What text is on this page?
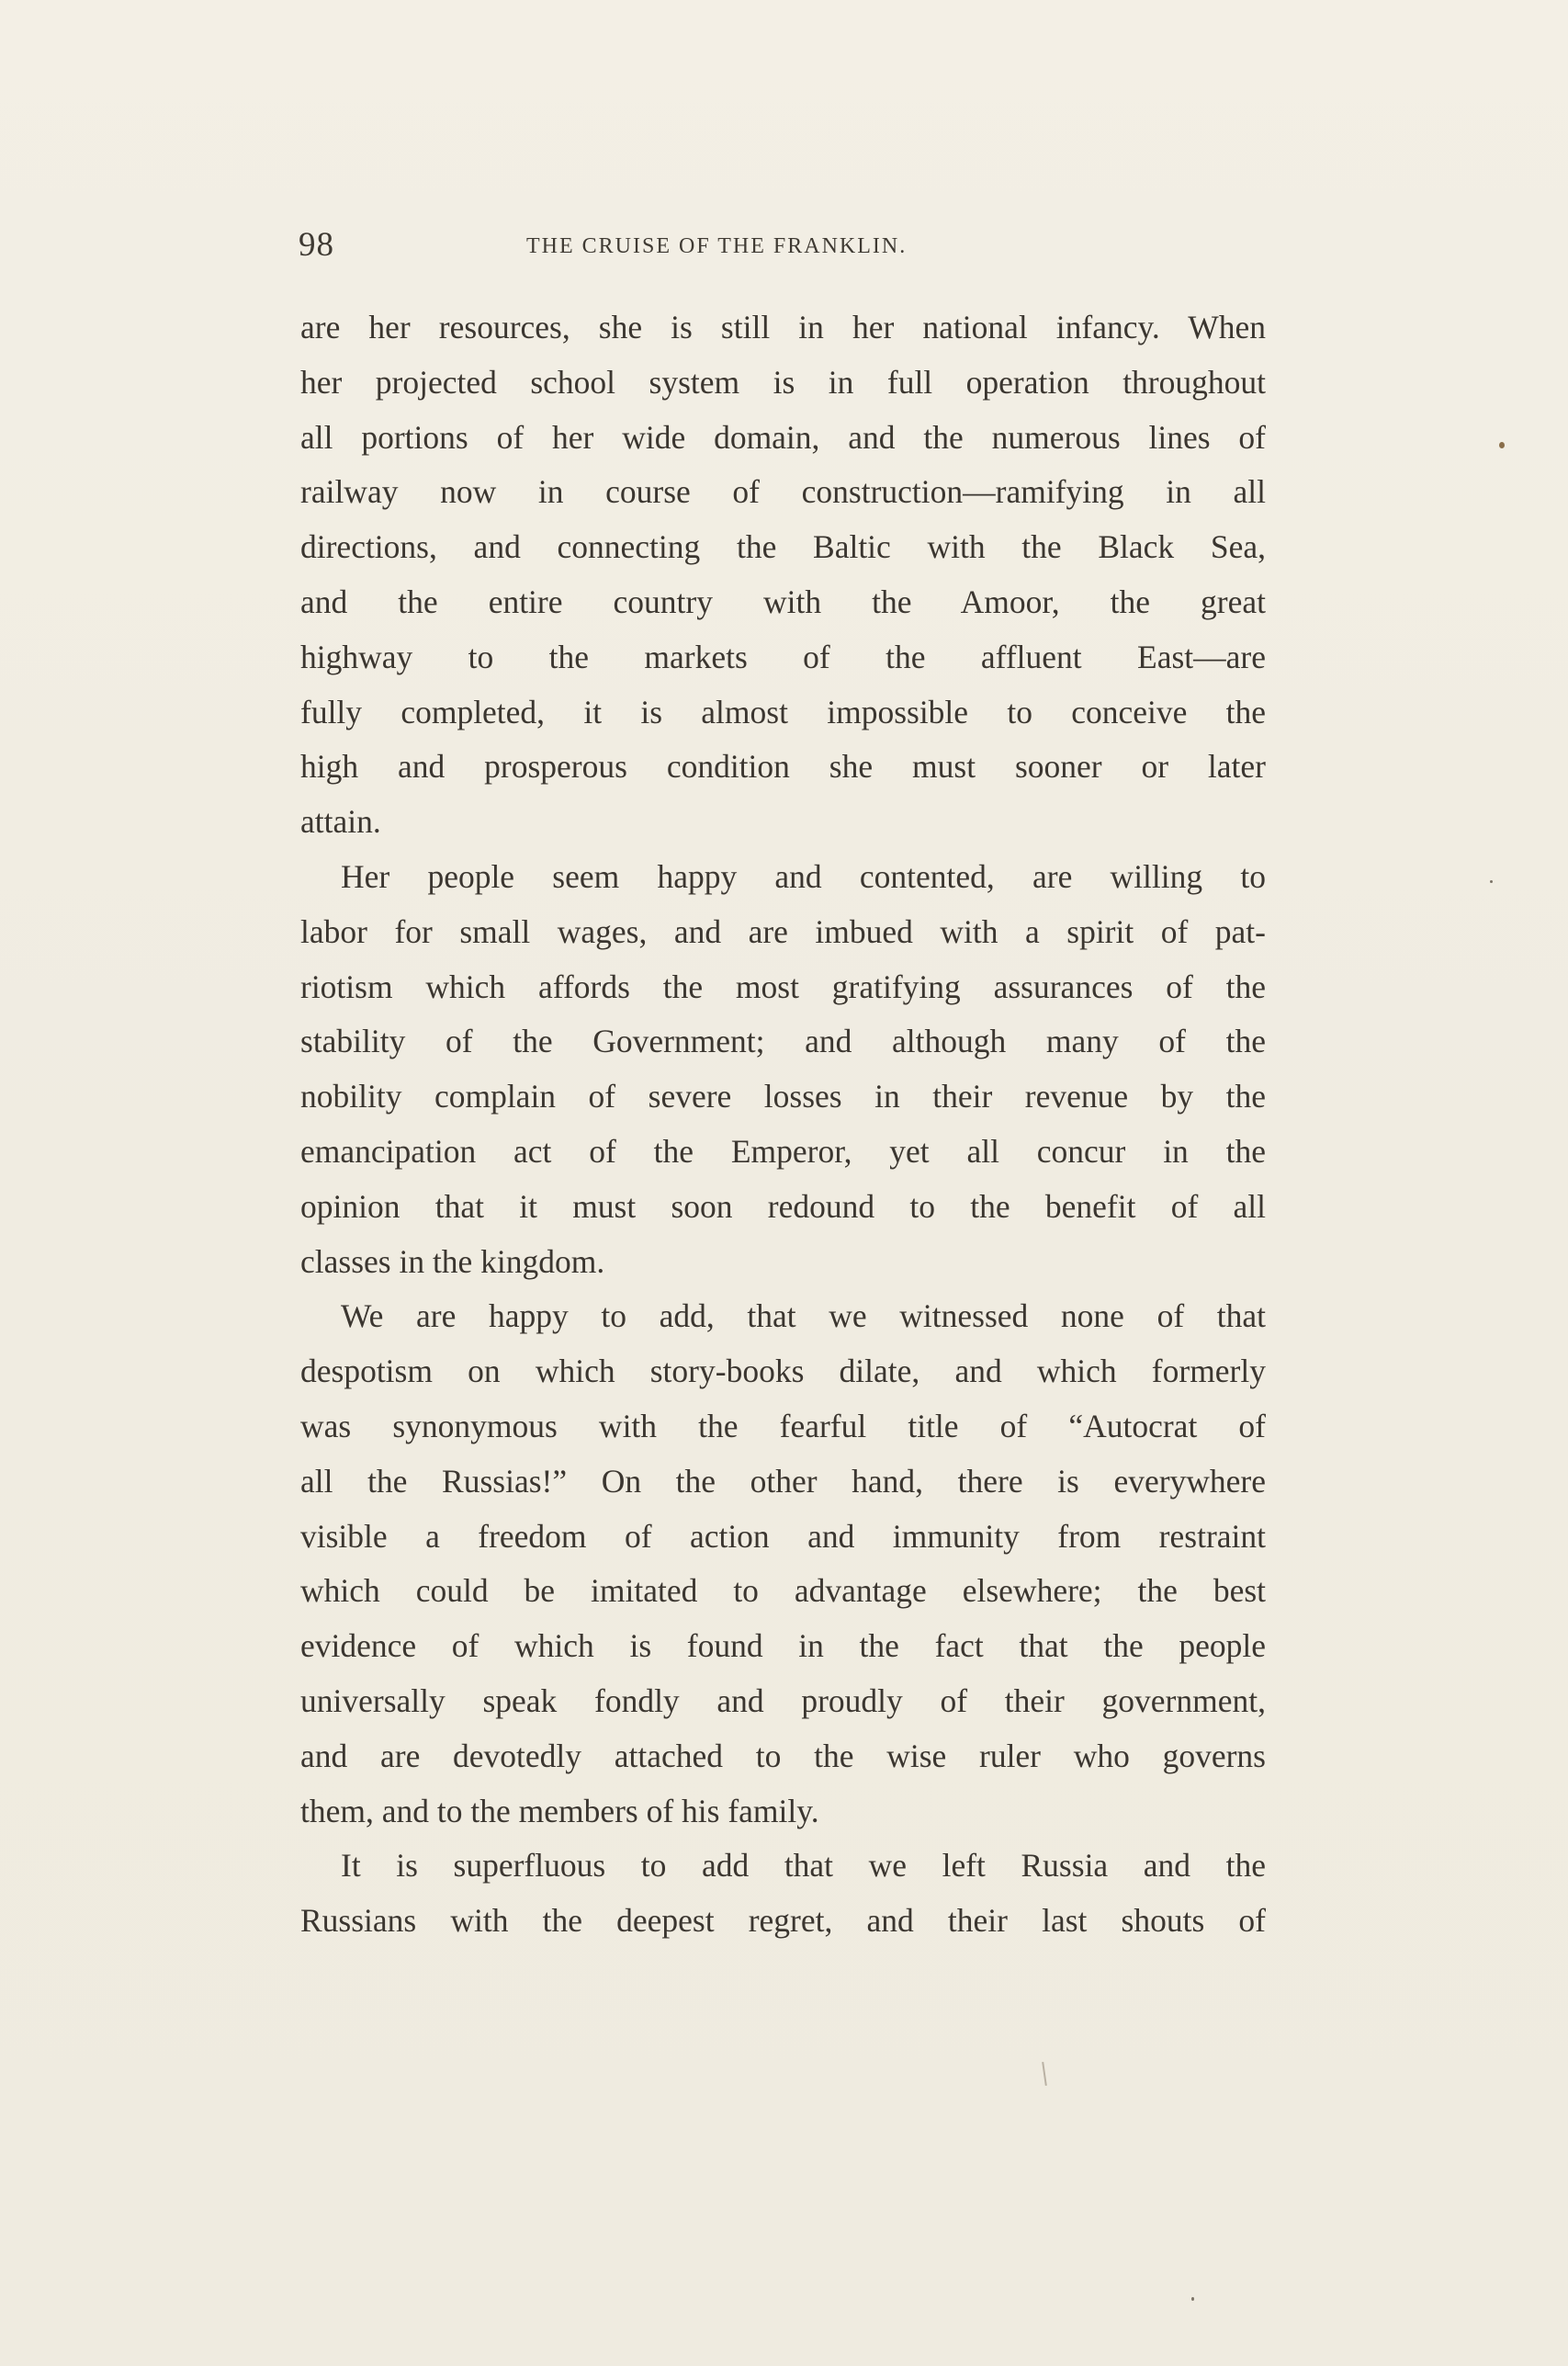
98	THE CRUISE OF THE FRANKLIN.
are her resources, she is still in her national infancy. When
her projected school system is in full operation throughout
all portions of her wide domain, and the numerous lines of
railway now in course of construction—ramifying in all
directions, and connecting the Baltic with the Black Sea,
and the entire country with the Amoor, the great
highway to the markets of the affluent East—are
fully completed, it is almost impossible to conceive the
high and prosperous condition she must sooner or later
attain.
Her people seem happy and contented, are willing to
labor for small wages, and are imbued with a spirit of pat-
riotism which affords the most gratifying assurances of the
stability of the Government; and although many of the
nobility complain of severe losses in their revenue by the
emancipation act of the Emperor, yet all concur in the
opinion that it must soon redound to the benefit of all
classes in the kingdom.
We are happy to add, that we witnessed none of that
despotism on which story-books dilate, and which formerly
was synonymous with the fearful title of “Autocrat of
all the Russias!” On the other hand, there is everywhere
visible a freedom of action and immunity from restraint
which could be imitated to advantage elsewhere; the best
evidence of which is found in the fact that the people
universally speak fondly and proudly of their government,
and are devotedly attached to the wise ruler who governs
them, and to the members of his family.
It is superfluous to add that we left Russia and the
Russians with the deepest regret, and their last shouts of
